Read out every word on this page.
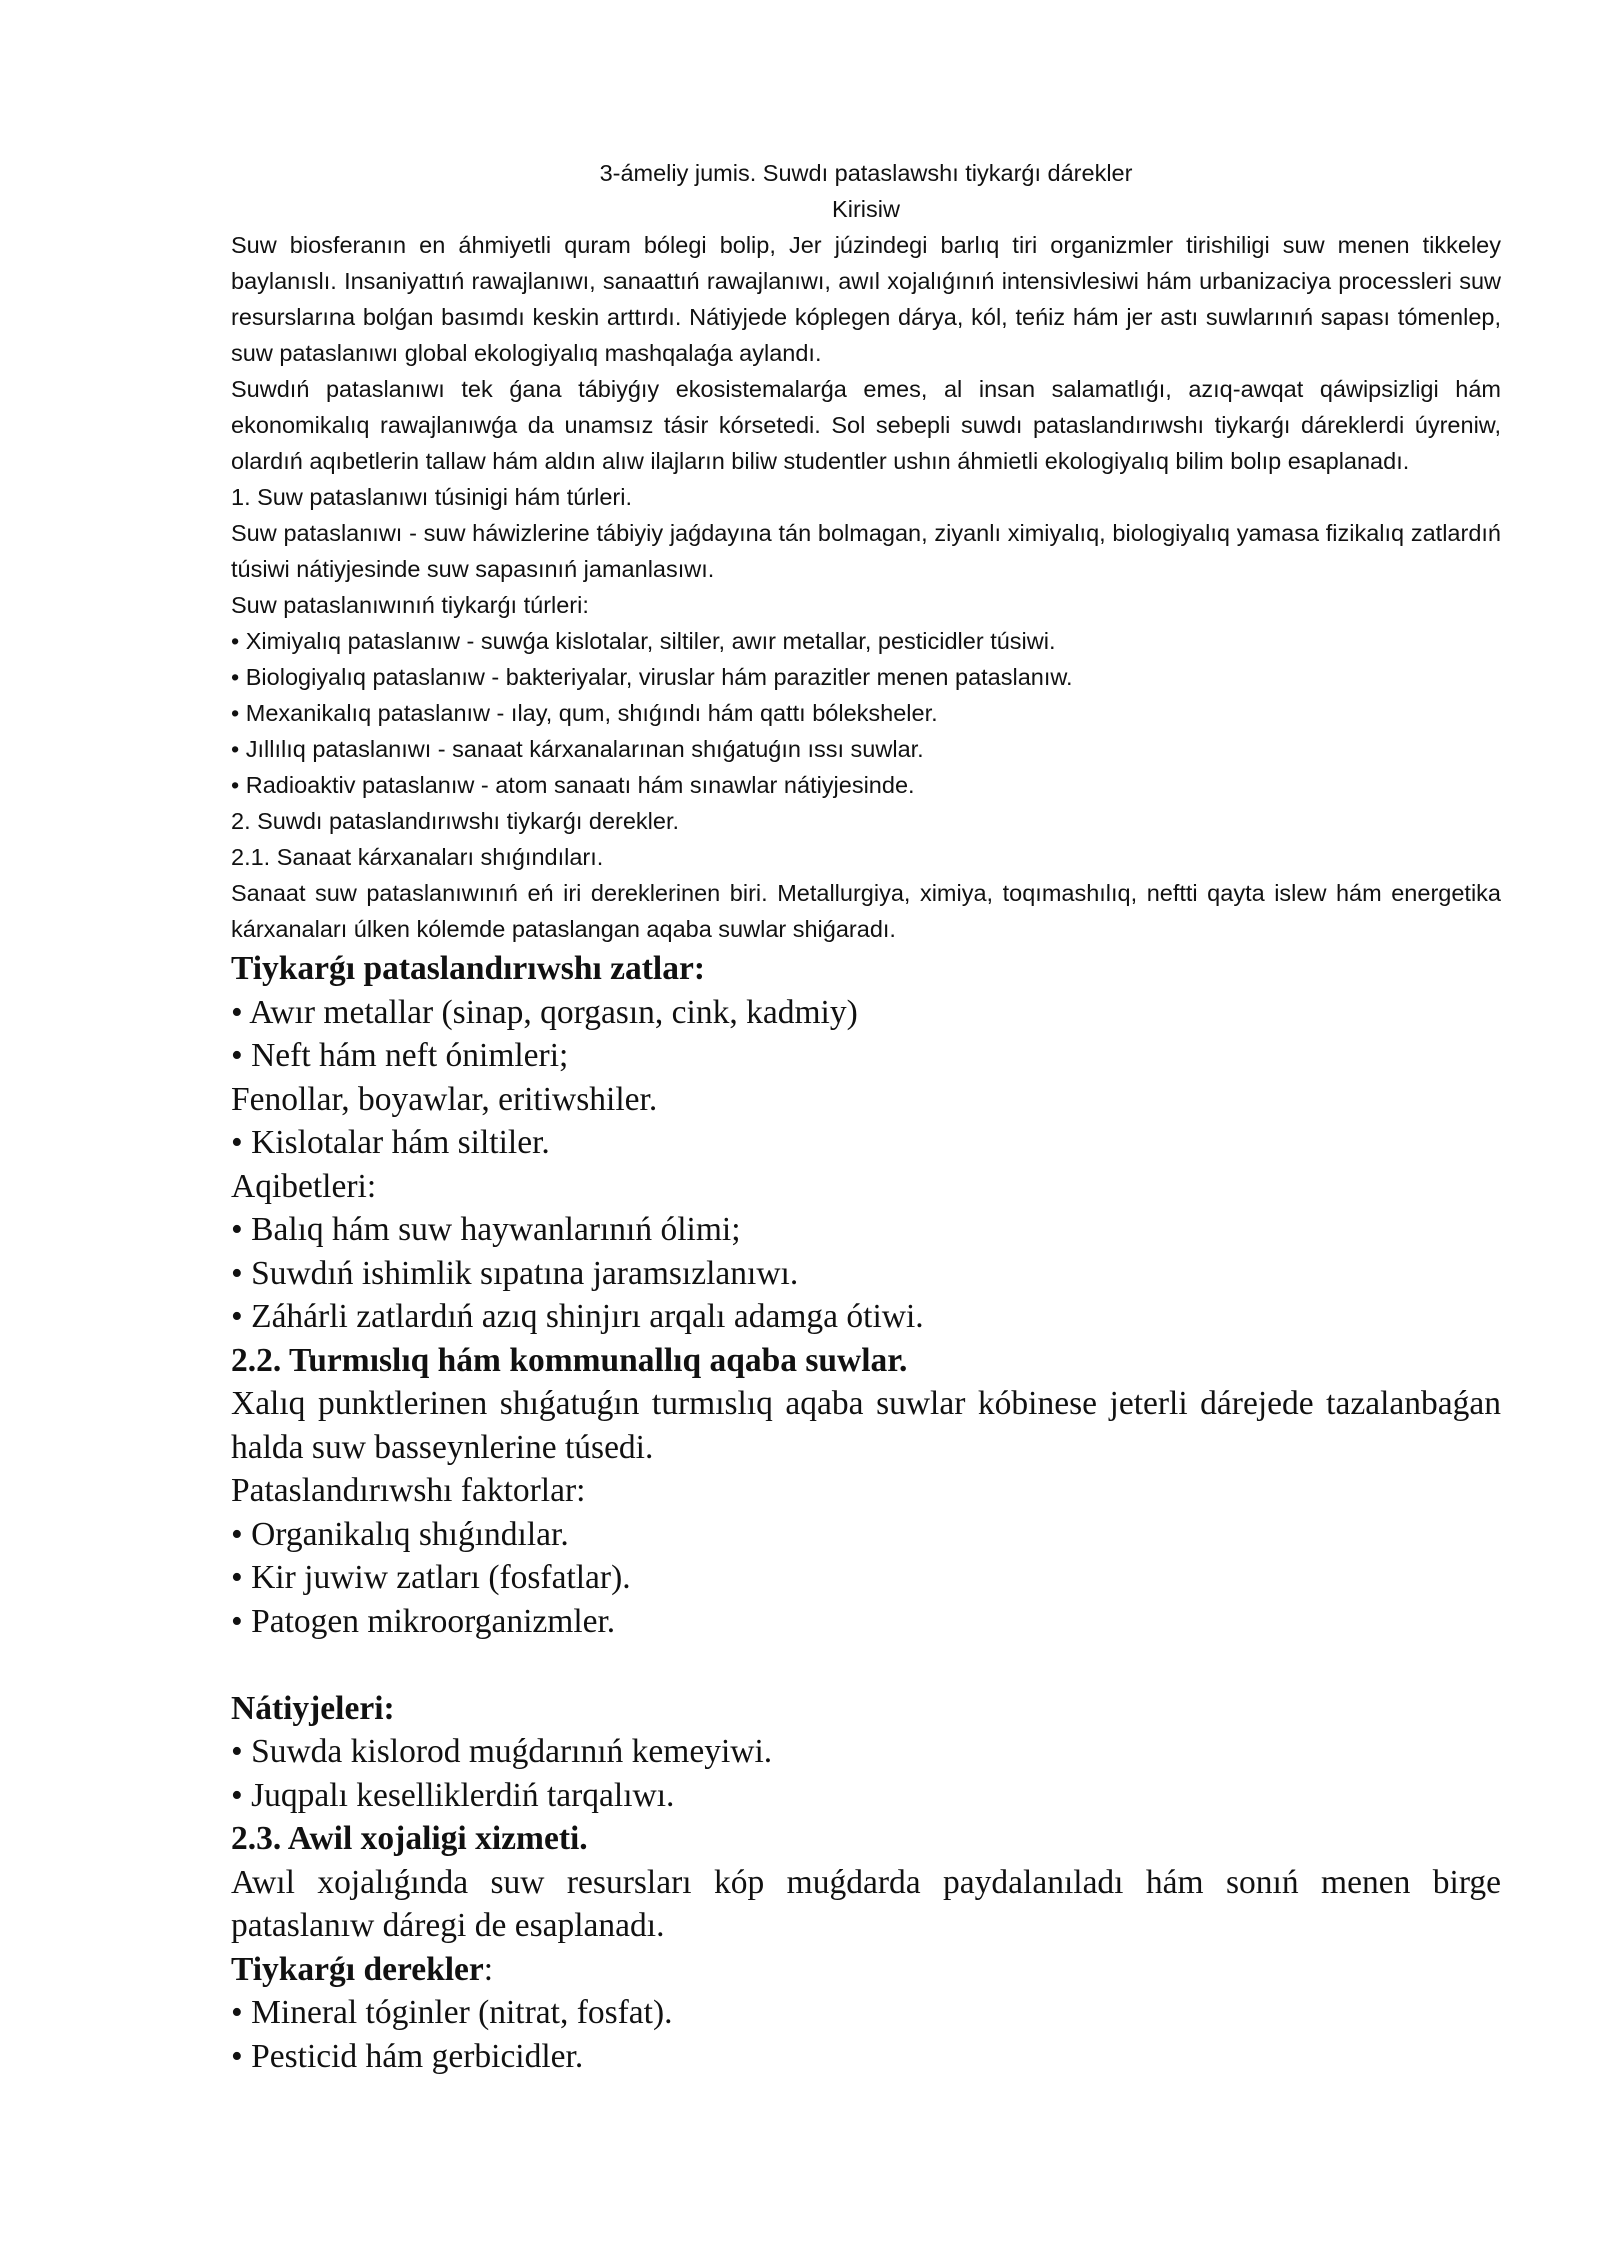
3-ámeliy jumis. Suwdı pataslawshı tiykarǵı dárekler

Kirisiw

Suw biosferanın en áhmiyetli quram bólegi bolip, Jer júzindegi barlıq tiri organizmler tirishiligi suw menen tikkeley baylanıslı. Insaniyattıń rawajlanıwı, sanaattıń rawajlanıwı, awıl xojalıǵınıń intensivlesiwi hám urbanizaciya processleri suw resurslarına bolǵan basımdı keskin arttırdı. Nátiyjede kóplegen dárya, kól, teńiz hám jer astı suwlarınıń sapası tómenlep, suw pataslanıwı global ekologiyalıq mashqalaǵa aylandı.

Suwdıń pataslanıwı tek ǵana tábiyǵıy ekosistemalarǵa emes, al insan salamatlıǵı, azıq-awqat qáwipsizligi hám ekonomikalıq rawajlanıwǵa da unamsız tásir kórsetedi. Sol sebepli suwdı pataslandırıwshı tiykarǵı dáreklerdi úyreniw, olardıń aqıbetlerin tallaw hám aldın alıw ilajların biliw studentler ushın áhmietli ekologiyalıq bilim bolıp esaplanadı.

1. Suw pataslanıwı túsinigi hám túrleri.

Suw pataslanıwı - suw háwizlerine tábiyiy jaǵdayına tán bolmagan, ziyanlı ximiyalıq, biologiyalıq yamasa fizikalıq zatlardıń túsiwi nátiyjesinde suw sapasınıń jamanlasıwı.

Suw pataslanıwınıń tiykarǵı túrleri:

• Ximiyalıq pataslanıw - suwǵa kislotalar, siltiler, awır metallar, pesticidler túsiwi.

• Biologiyalıq pataslanıw - bakteriyalar, viruslar hám parazitler menen pataslanıw.

• Mexanikalıq pataslanıw - ılay, qum, shıǵındı hám qattı bóleksheler.

• Jıllılıq pataslanıwı - sanaat kárxanalarınan shıǵatuǵın ıssı suwlar.

• Radioaktiv pataslanıw - atom sanaatı hám sınawlar nátiyjesinde.

2. Suwdı pataslandırıwshı tiykarǵı derekler.

2.1. Sanaat kárxanaları shıǵındıları.

Sanaat suw pataslanıwınıń eń iri dereklerinen biri. Metallurgiya, ximiya, toqımashılıq, neftti qayta islew hám energetika kárxanaları úlken kólemde pataslangan aqaba suwlar shiǵaradı.

Tiykarǵı pataslandırıwshı zatlar:

• Awır metallar (sinap, qorgasın, cink, kadmiy)

• Neft hám neft ónimleri;

Fenollar, boyawlar, eritiwshiler.

• Kislotalar hám siltiler.

Aqibetleri:

• Balıq hám suw haywanlarınıń ólimi;

• Suwdıń ishimlik sıpatına jaramsızlanıwı.

• Záhárli zatlardıń azıq shinjırı arqalı adamga ótiwi.

2.2. Turmıslıq hám kommunallıq aqaba suwlar.

Xalıq punktlerinen shıǵatuǵın turmıslıq aqaba suwlar kóbinese jeterli dárejede tazalanbaǵan halda suw basseynlerine túsedi.

Pataslandırıwshı faktorlar:

• Organikalıq shıǵındılar.

• Kir juwiw zatları (fosfatlar).

• Patogen mikroorganizmler.

Nátiyjeleri:

• Suwda kislorod muǵdarınıń kemeyiwi.

• Juqpalı keselliklerdiń tarqalıwı.

2.3. Awil xojaligi xizmeti.

Awıl xojalıǵında suw resursları kóp muǵdarda paydalanıladı hám sonıń menen birge pataslanıw dáregi de esaplanadı.

Tiykarǵı derekler:

• Mineral tóginler (nitrat, fosfat).

• Pesticid hám gerbicidler.
